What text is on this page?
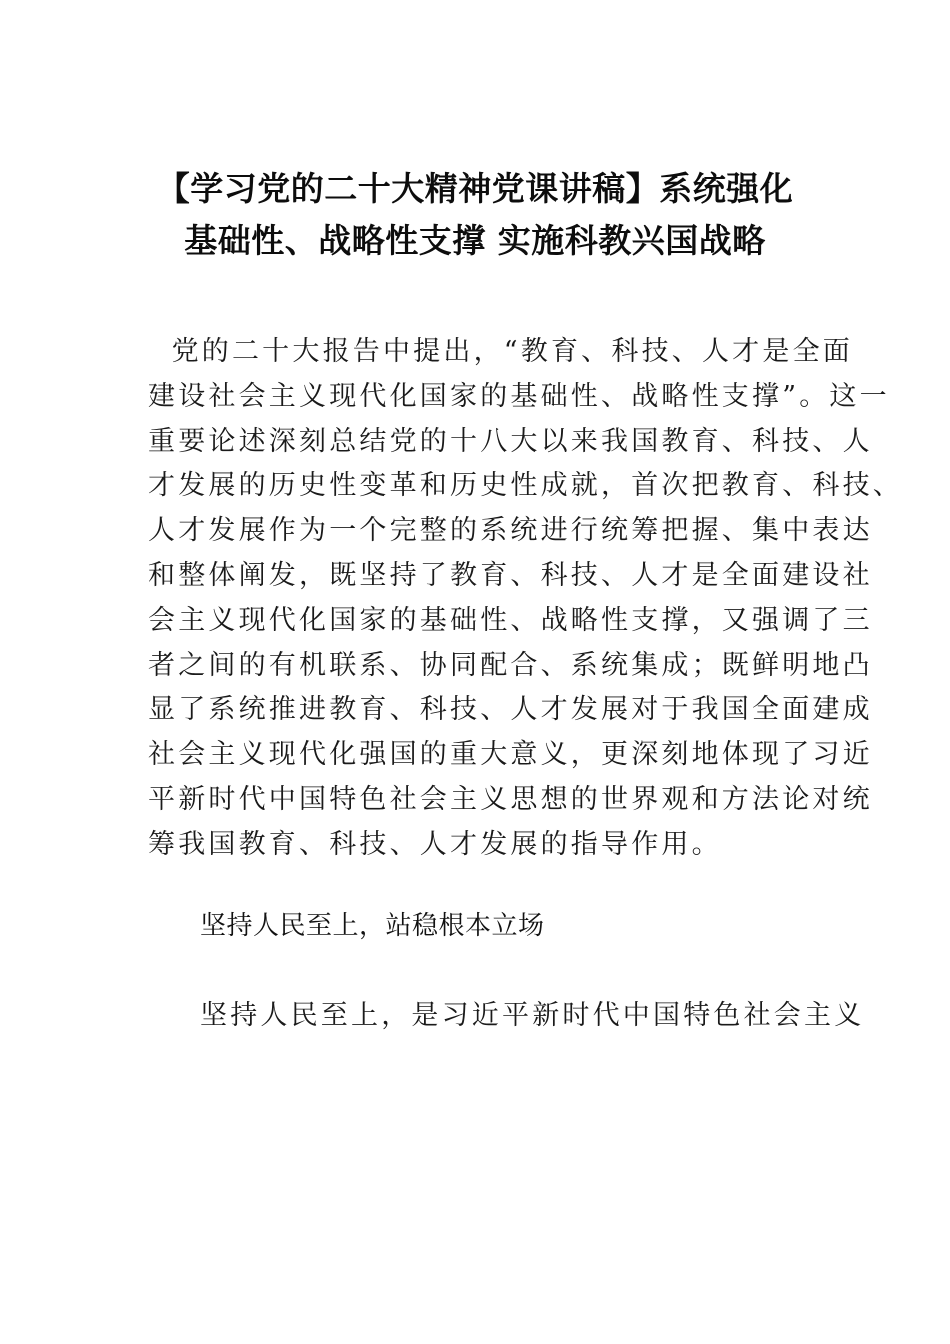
【学习党的二十大精神党课讲稿】系统强化
基础性、战略性支撑 实施科教兴国战略

党的二十大报告中提出，“教育、科技、人才是全面
建设社会主义现代化国家的基础性、战略性支撑”。这一
重要论述深刻总结党的十八大以来我国教育、科技、人
才发展的历史性变革和历史性成就，首次把教育、科技、
人才发展作为一个完整的系统进行统筹把握、集中表达
和整体阐发，既坚持了教育、科技、人才是全面建设社
会主义现代化国家的基础性、战略性支撑，又强调了三
者之间的有机联系、协同配合、系统集成；既鲜明地凸
显了系统推进教育、科技、人才发展对于我国全面建成
社会主义现代化强国的重大意义，更深刻地体现了习近
平新时代中国特色社会主义思想的世界观和方法论对统
筹我国教育、科技、人才发展的指导作用。

坚持人民至上，站稳根本立场

坚持人民至上，是习近平新时代中国特色社会主义
